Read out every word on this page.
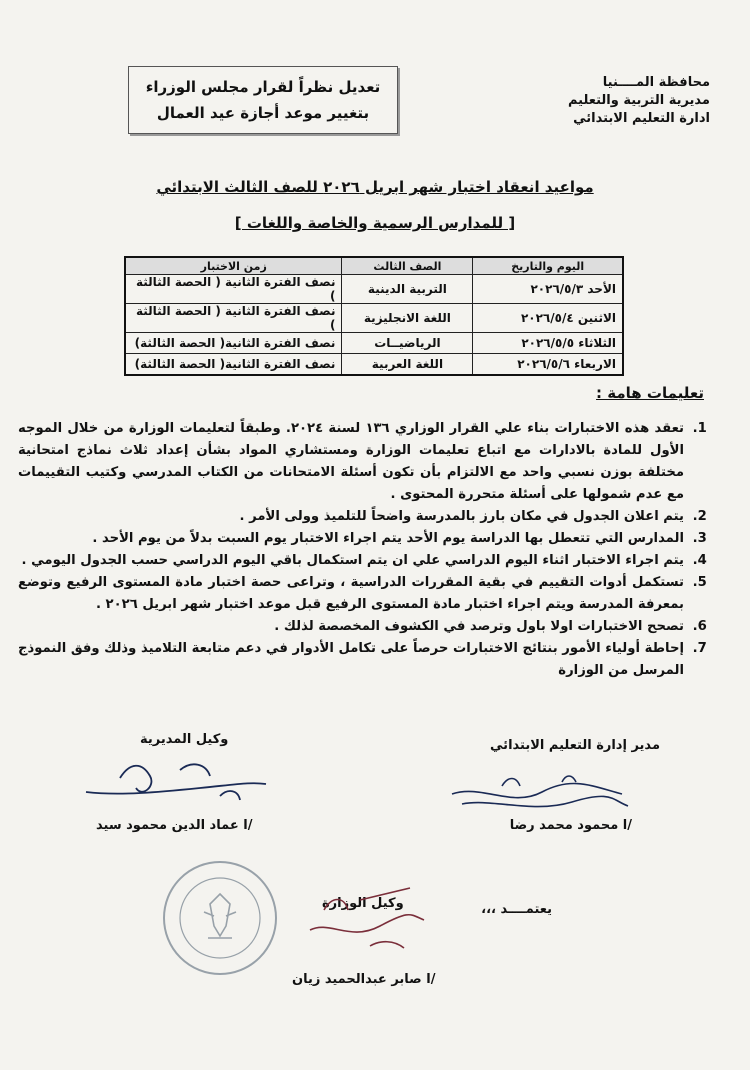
محافظة المــــنيا
مديرية التربية والتعليم
ادارة التعليم الابتدائي
تعديل نظراً لقرار مجلس الوزراء
بتغيير موعد أجازة عيد العمال
مواعيد انعقاد اختبار شهر ابريل ٢٠٢٦ للصف الثالث الابتدائي
[ للمدارس الرسمية والخاصة واللغات ]
اليوم والتاريخ	الصف الثالث	زمن الاختبار
الأحد ٢٠٢٦/٥/٣	التربية الدينية	نصف الفترة الثانية ( الحصة الثالثة )
الاثنين ٢٠٢٦/٥/٤	اللغة الانجليزية	نصف الفترة الثانية ( الحصة الثالثة )
الثلاثاء ٢٠٢٦/٥/٥	الرياضيــات	نصف الفترة الثانية( الحصة الثالثة)
الاربعاء ٢٠٢٦/٥/٦	اللغة العربية	نصف الفترة الثانية( الحصة الثالثة)
تعليمات هامة :
1. تعقد هذه الاختبارات بناء علي القرار الوزاري ١٣٦ لسنة ٢٠٢٤. وطبقاً لتعليمات الوزارة من خلال الموجه الأول للمادة بالادارات مع اتباع تعليمات الوزارة ومستشاري المواد بشأن إعداد ثلاث نماذج امتحانية مختلفة بوزن نسبي واحد مع الالتزام بأن تكون أسئلة الامتحانات من الكتاب المدرسي وكتيب التقييمات مع عدم شمولها على أسئلة متحررة المحتوى .
2. يتم اعلان الجدول في مكان بارز بالمدرسة واضحاً للتلميذ وولى الأمر .
3. المدارس التي تتعطل بها الدراسة يوم الأحد يتم اجراء الاختبار يوم السبت بدلاً من يوم الأحد .
4. يتم اجراء الاختبار اثناء اليوم الدراسي علي ان يتم استكمال باقي اليوم الدراسي حسب الجدول اليومي .
5. تستكمل أدوات التقييم في بقية المقررات الدراسية ، وتراعى حصة اختبار مادة المستوى الرفيع وتوضع بمعرفة المدرسة ويتم اجراء اختبار مادة المستوى الرفيع قبل موعد اختبار شهر ابريل ٢٠٢٦ .
6. تصحح الاختبارات اولا باول وترصد في الكشوف المخصصة لذلك .
7. إحاطة أولياء الأمور بنتائج الاختبارات حرصاً على تكامل الأدوار في دعم متابعة التلاميذ وذلك وفق النموذج المرسل من الوزارة
مدير إدارة التعليم الابتدائي
/ا محمود محمد رضا
وكيل المديرية
/ا عماد الدين محمود سيد
يعتمــــد ،،،
وكيل الوزارة
/ا صابر عبدالحميد زيان
